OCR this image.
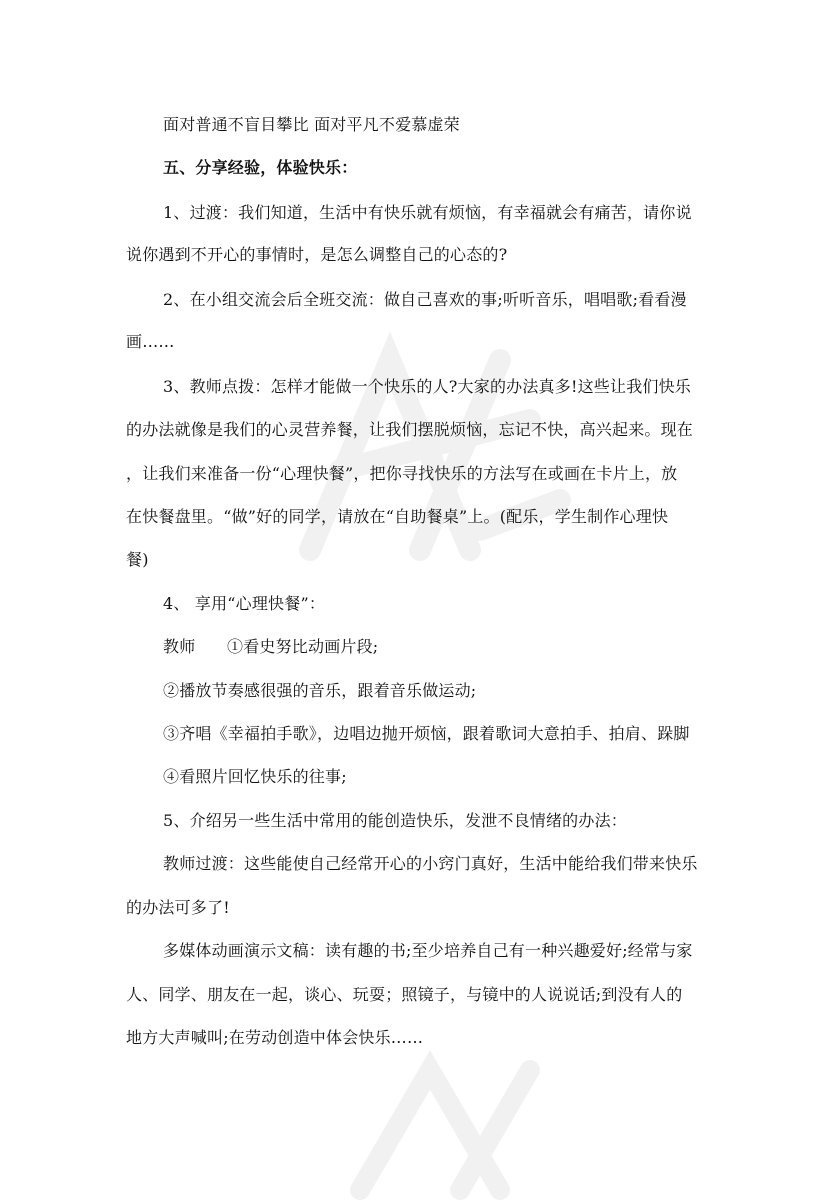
面对普通不盲目攀比 面对平凡不爱慕虚荣
五、分享经验，体验快乐：
1、过渡：我们知道，生活中有快乐就有烦恼，有幸福就会有痛苦，请你说
说你遇到不开心的事情时，是怎么调整自己的心态的?
2、在小组交流会后全班交流：做自己喜欢的事;听听音乐，唱唱歌;看看漫
画……
3、教师点拨：怎样才能做一个快乐的人?大家的办法真多!这些让我们快乐
的办法就像是我们的心灵营养餐，让我们摆脱烦恼，忘记不快，高兴起来。现在
，让我们来准备一份“心理快餐”，把你寻找快乐的方法写在或画在卡片上，放
在快餐盘里。“做”好的同学，请放在“自助餐桌”上。(配乐，学生制作心理快
餐)
4、 享用“心理快餐”：
教师 ①看史努比动画片段;
②播放节奏感很强的音乐，跟着音乐做运动;
③齐唱《幸福拍手歌》，边唱边抛开烦恼，跟着歌词大意拍手、拍肩、跺脚
④看照片回忆快乐的往事;
5、介绍另一些生活中常用的能创造快乐，发泄不良情绪的办法：
教师过渡：这些能使自己经常开心的小窍门真好，生活中能给我们带来快乐
的办法可多了!
多媒体动画演示文稿：读有趣的书;至少培养自己有一种兴趣爱好;经常与家
人、同学、朋友在一起，谈心、玩耍；照镜子，与镜中的人说说话;到没有人的
地方大声喊叫;在劳动创造中体会快乐……
